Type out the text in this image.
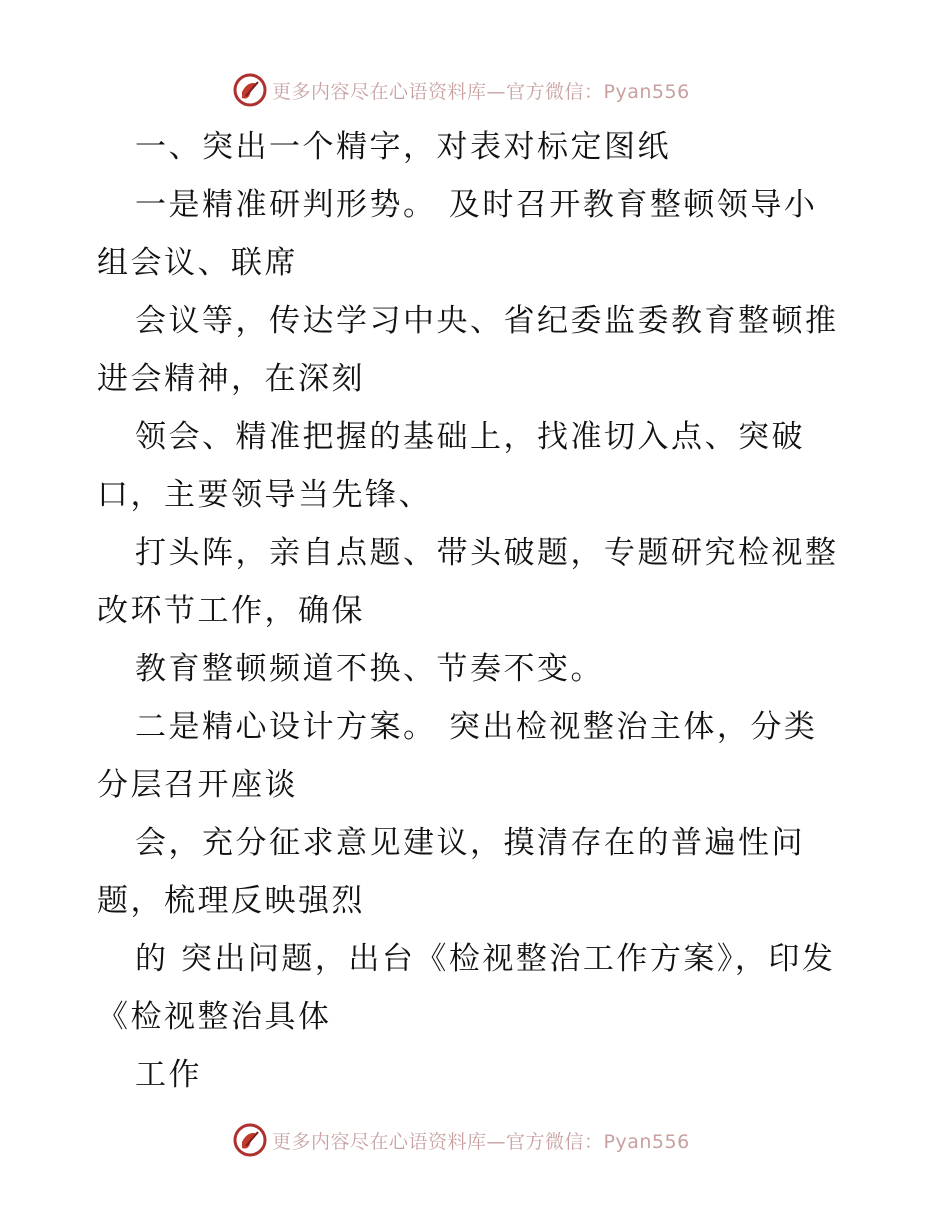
更多内容尽在心语资料库—官方微信：Pyan556
一、突出一个精字，对表对标定图纸
一是精准研判形势。 及时召开教育整顿领导小
组会议、联席
会议等，传达学习中央、省纪委监委教育整顿推
进会精神，在深刻
领会、精准把握的基础上，找准切入点、突破
口，主要领导当先锋、
打头阵，亲自点题、带头破题，专题研究检视整
改环节工作，确保
教育整顿频道不换、节奏不变。
二是精心设计方案。 突出检视整治主体，分类
分层召开座谈
会，充分征求意见建议，摸清存在的普遍性问
题，梳理反映强烈
的 突出问题，出台《检视整治工作方案》，印发
《检视整治具体
工作
更多内容尽在心语资料库—官方微信：Pyan556
